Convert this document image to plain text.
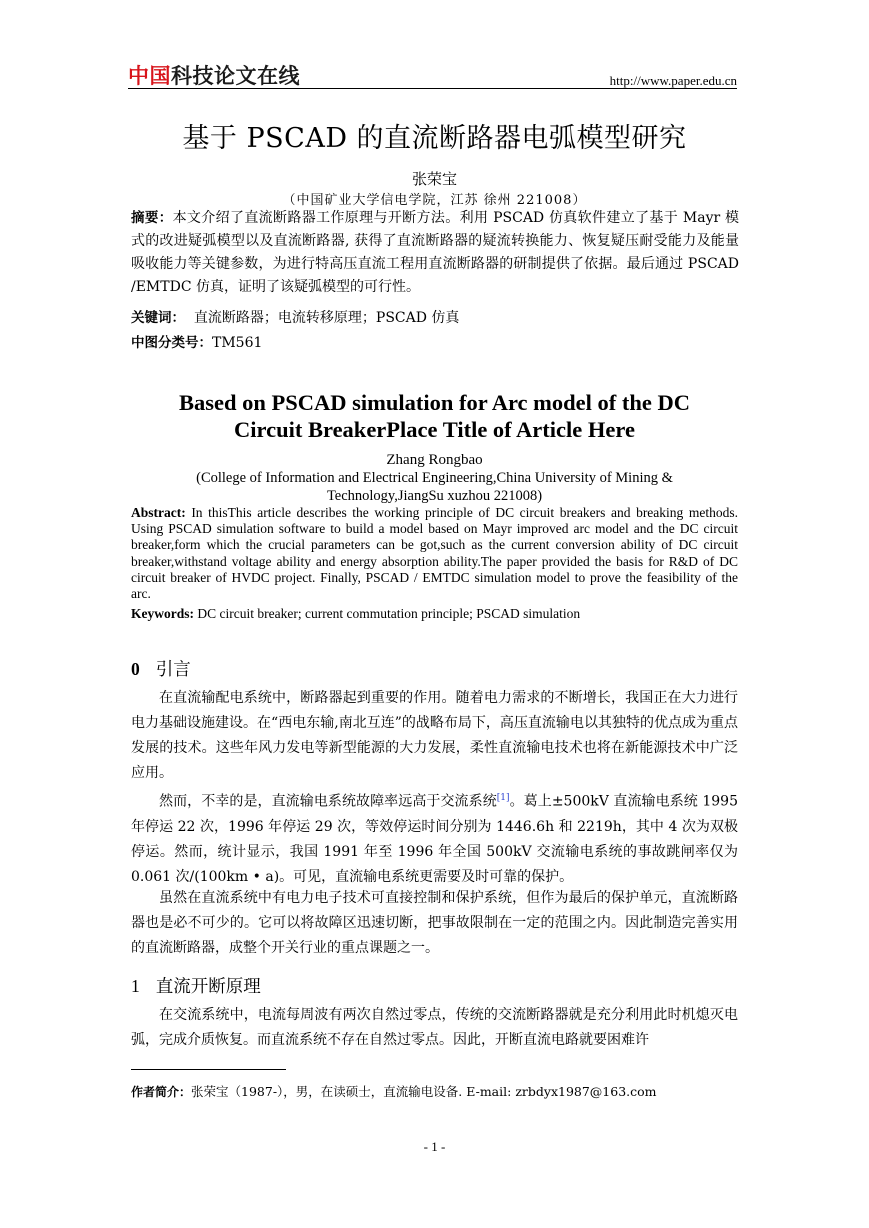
中国科技论文在线	http://www.paper.edu.cn
基于 PSCAD 的直流断路器电弧模型研究
张荣宝
（中国矿业大学信电学院，江苏 徐州 221008）
摘要：本文介绍了直流断路器工作原理与开断方法。利用 PSCAD 仿真软件建立了基于 Mayr 模式的改进疑弧模型以及直流断路器, 获得了直流断路器的疑流转换能力、恢复疑压耐受能力及能量吸收能力等关键参数，为进行特高压直流工程用直流断路器的研制提供了依据。最后通过 PSCAD /EMTDC 仿真，证明了该疑弧模型的可行性。
关键词： 直流断路器；电流转移原理；PSCAD 仿真
中图分类号：TM561
Based on PSCAD simulation for Arc model of the DC
Circuit BreakerPlace Title of Article Here
Zhang Rongbao
(College of Information and Electrical Engineering,China University of Mining &
Technology,JiangSu xuzhou 221008)
Abstract: In thisThis article describes the working principle of DC circuit breakers and breaking methods. Using PSCAD simulation software to build a model based on Mayr improved arc model and the DC circuit breaker,form which the crucial parameters can be got,such as the current conversion ability of DC circuit breaker,withstand voltage ability and energy absorption ability.The paper provided the basis for R&D of DC circuit breaker of HVDC project. Finally, PSCAD / EMTDC simulation model to prove the feasibility of the arc.
Keywords: DC circuit breaker; current commutation principle; PSCAD simulation
0 引言
在直流输配电系统中，断路器起到重要的作用。随着电力需求的不断增长，我国正在大力进行电力基础设施建设。在“西电东输,南北互连”的战略布局下，高压直流输电以其独特的优点成为重点发展的技术。这些年风力发电等新型能源的大力发展，柔性直流输电技术也将在新能源技术中广泛应用。
然而，不幸的是，直流输电系统故障率远高于交流系统[1]。葛上±500kV 直流输电系统 1995 年停运 22 次，1996 年停运 29 次，等效停运时间分别为 1446.6h 和 2219h，其中 4 次为双极停运。然而，统计显示，我国 1991 年至 1996 年全国 500kV 交流输电系统的事故跳闸率仅为 0.061 次/(100km • a)。可见，直流输电系统更需要及时可靠的保护。
虽然在直流系统中有电力电子技术可直接控制和保护系统，但作为最后的保护单元，直流断路器也是必不可少的。它可以将故障区迅速切断，把事故限制在一定的范围之内。因此制造完善实用的直流断路器，成整个开关行业的重点课题之一。
1 直流开断原理
在交流系统中，电流每周波有两次自然过零点，传统的交流断路器就是充分利用此时机熄灭电弧，完成介质恢复。而直流系统不存在自然过零点。因此，开断直流电路就要困难许
作者简介：张荣宝（1987-），男，在读硕士，直流输电设备. E-mail: zrbdyx1987@163.com
- 1 -
